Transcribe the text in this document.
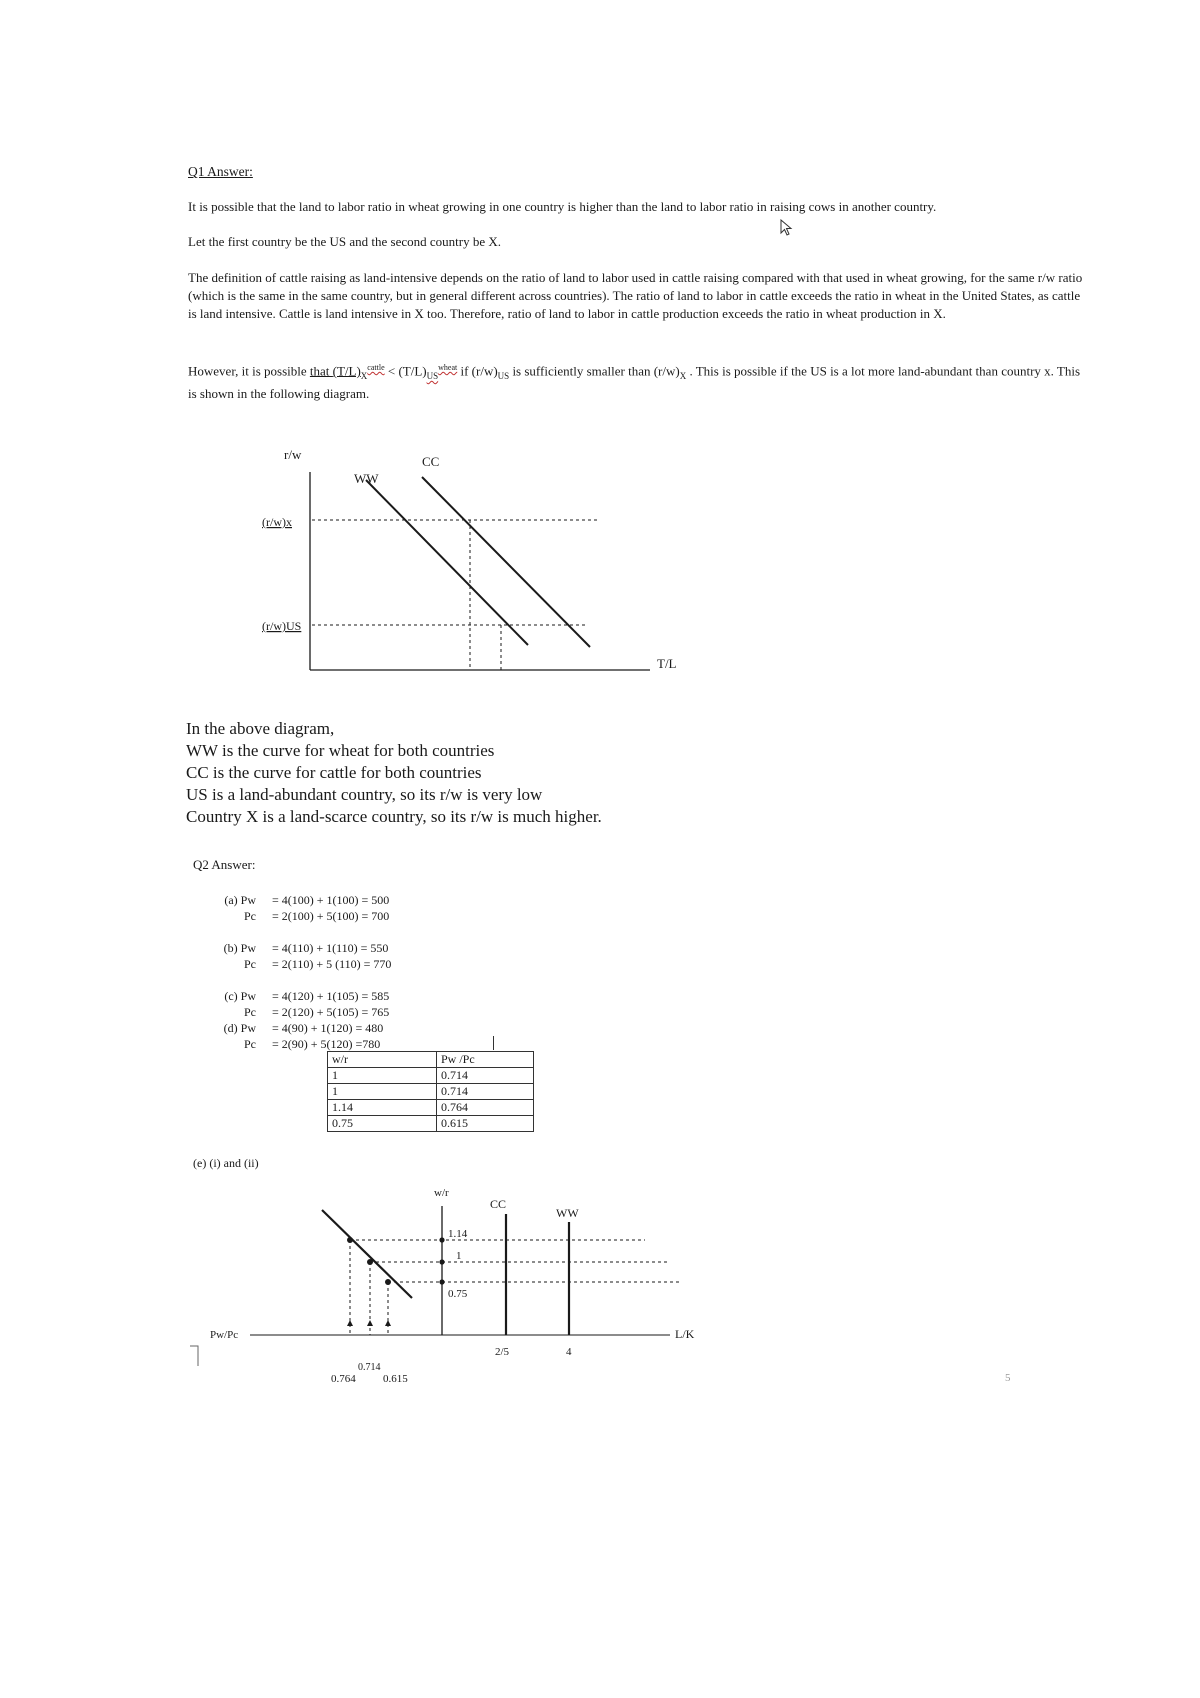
Q1 Answer:

It is possible that the land to labor ratio in wheat growing in one country is higher than the land to labor ratio in raising cows in another country.

Let the first country be the US and the second country be X.

The definition of cattle raising as land-intensive depends on the ratio of land to labor used in cattle raising compared with that used in wheat growing, for the same r/w ratio (which is the same in the same country, but in general different across countries). The ratio of land to labor in cattle exceeds the ratio in wheat in the United States, as cattle is land intensive. Cattle is land intensive in X too. Therefore, ratio of land to labor in cattle production exceeds the ratio in wheat production in X.

However, it is possible that $(T/L)_X^{cattle} < (T/L)_{US}^{wheat}$ if $(r/w)_{US}$ is sufficiently smaller than $(r/w)_X$ . This is possible if the US is a lot more land-abundant than country x. This is shown in the following diagram.

r/w
T/L
WW
CC
(r/w)x
(r/w)US
In the above diagram,
WW is the curve for wheat for both countries
CC is the curve for cattle for both countries
US is a land-abundant country, so its r/w is very low
Country X is a land-scarce country, so its r/w is much higher.
Q2 Answer:
(a) Pw = 4(100) + 1(100) = 500
Pc = 2(100) + 5(100) = 700
(b) Pw = 4(110) + 1(110) = 550
Pc = 2(110) + 5 (110) = 770
(c) Pw = 4(120) + 1(105) = 585
Pc = 2(120) + 5(105) = 765
(d) Pw = 4(90) + 1(120) = 480
Pc = 2(90) + 5(120) =780
w/r	Pw /Pc
1	0.714
1	0.714
1.14	0.764
0.75	0.615
(e) (i) and (ii)
w/r
CC
WW
1.14
1
0.75
Pw/Pc	L/K
2/5	4
0.764
0.714
0.615	5
